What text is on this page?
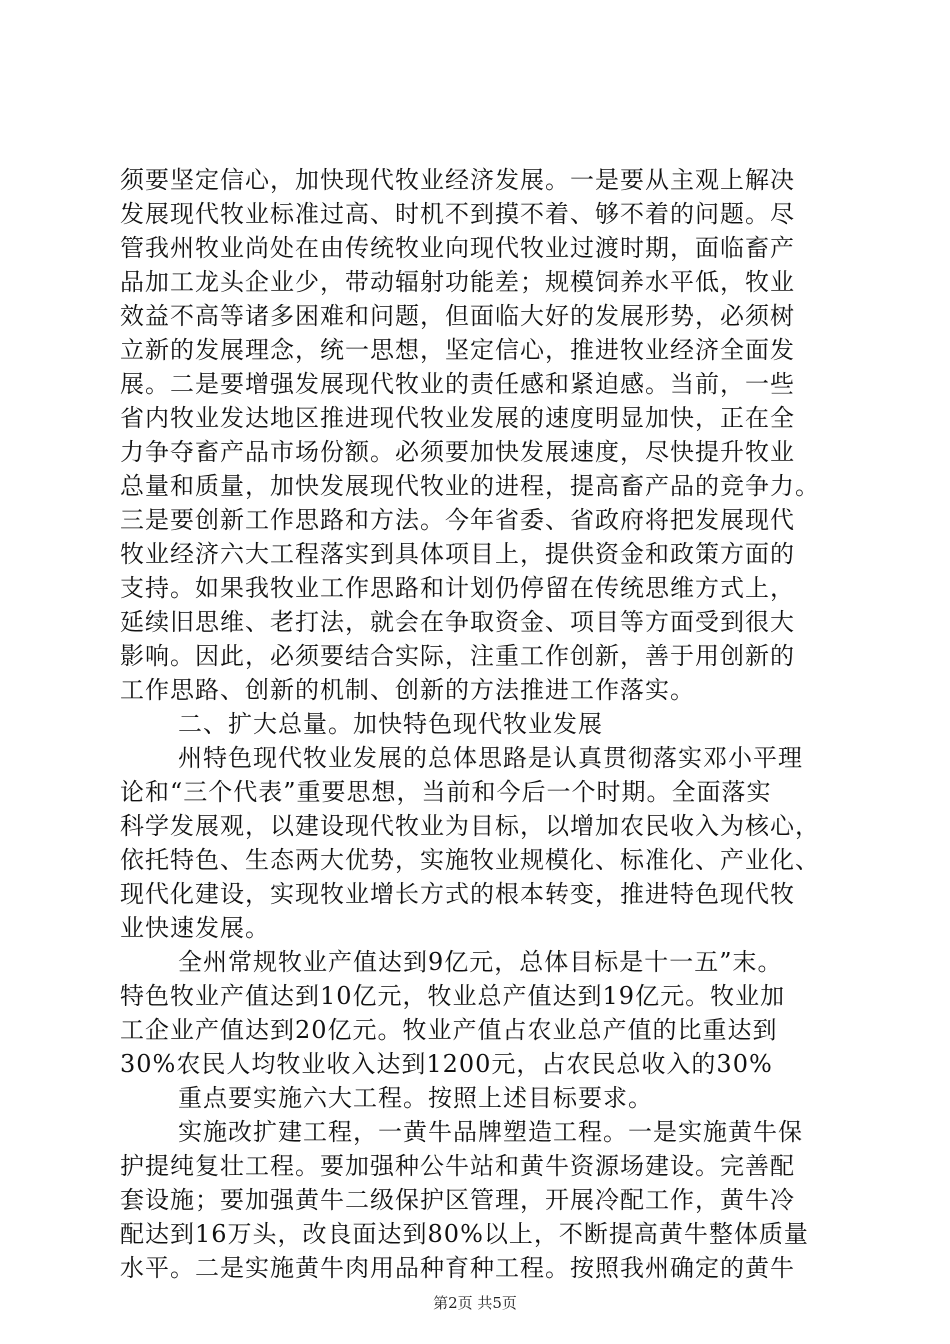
须要坚定信心，加快现代牧业经济发展。一是要从主观上解决
发展现代牧业标准过高、时机不到摸不着、够不着的问题。尽
管我州牧业尚处在由传统牧业向现代牧业过渡时期，面临畜产
品加工龙头企业少，带动辐射功能差；规模饲养水平低，牧业
效益不高等诸多困难和问题，但面临大好的发展形势，必须树
立新的发展理念，统一思想，坚定信心，推进牧业经济全面发
展。二是要增强发展现代牧业的责任感和紧迫感。当前，一些
省内牧业发达地区推进现代牧业发展的速度明显加快，正在全
力争夺畜产品市场份额。必须要加快发展速度，尽快提升牧业
总量和质量，加快发展现代牧业的进程，提高畜产品的竞争力。
三是要创新工作思路和方法。今年省委、省政府将把发展现代
牧业经济六大工程落实到具体项目上，提供资金和政策方面的
支持。如果我牧业工作思路和计划仍停留在传统思维方式上，
延续旧思维、老打法，就会在争取资金、项目等方面受到很大
影响。因此，必须要结合实际，注重工作创新，善于用创新的
工作思路、创新的机制、创新的方法推进工作落实。
二、扩大总量。加快特色现代牧业发展
州特色现代牧业发展的总体思路是认真贯彻落实邓小平理
论和“三个代表”重要思想，当前和今后一个时期。全面落实
科学发展观，以建设现代牧业为目标，以增加农民收入为核心，
依托特色、生态两大优势，实施牧业规模化、标准化、产业化、
现代化建设，实现牧业增长方式的根本转变，推进特色现代牧
业快速发展。
全州常规牧业产值达到9亿元，总体目标是十一五”末。
特色牧业产值达到10亿元，牧业总产值达到19亿元。牧业加
工企业产值达到20亿元。牧业产值占农业总产值的比重达到
30%农民人均牧业收入达到1200元，占农民总收入的30%
重点要实施六大工程。按照上述目标要求。
实施改扩建工程，一黄牛品牌塑造工程。一是实施黄牛保
护提纯复壮工程。要加强种公牛站和黄牛资源场建设。完善配
套设施；要加强黄牛二级保护区管理，开展冷配工作，黄牛冷
配达到16万头，改良面达到80%以上，不断提高黄牛整体质量
水平。二是实施黄牛肉用品种育种工程。按照我州确定的黄牛
第2页 共5页
